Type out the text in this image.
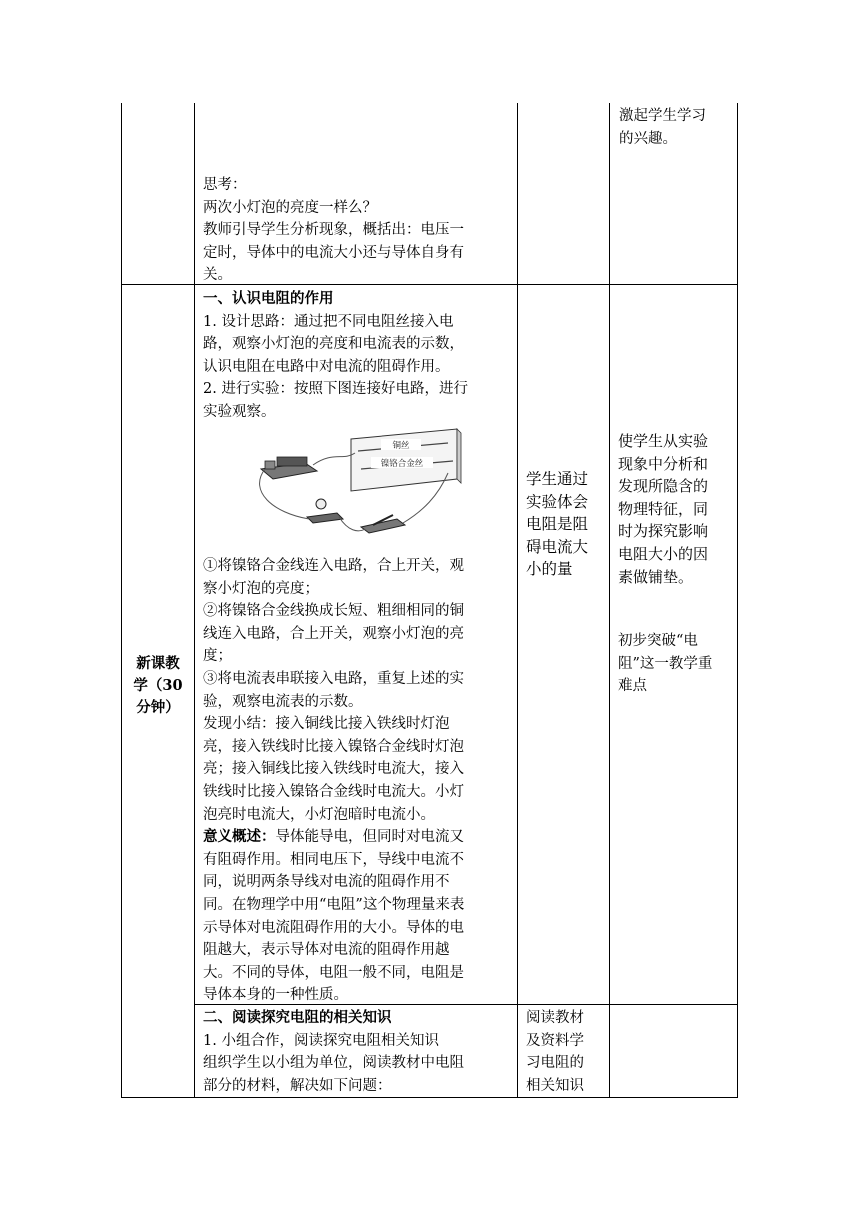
思考：

两次小灯泡的亮度一样么？

教师引导学生分析现象，概括出：电压一

定时，导体中的电流大小还与导体自身有

关。

激起学生学习

的兴趣。

新课教

学（30

分钟）

一、认识电阻的作用

1. 设计思路：通过把不同电阻丝接入电

路，观察小灯泡的亮度和电流表的示数，

认识电阻在电路中对电流的阻碍作用。

2. 进行实验：按照下图连接好电路，进行

实验观察。

铜丝
镍铬合金丝

①将镍铬合金线连入电路，合上开关，观

察小灯泡的亮度；

②将镍铬合金线换成长短、粗细相同的铜

线连入电路，合上开关，观察小灯泡的亮

度；

③将电流表串联接入电路，重复上述的实

验，观察电流表的示数。

发现小结：接入铜线比接入铁线时灯泡

亮，接入铁线时比接入镍铬合金线时灯泡

亮；接入铜线比接入铁线时电流大，接入

铁线时比接入镍铬合金线时电流大。小灯

泡亮时电流大，小灯泡暗时电流小。

意义概述：导体能导电，但同时对电流又

有阻碍作用。相同电压下，导线中电流不

同，说明两条导线对电流的阻碍作用不

同。在物理学中用“电阻”这个物理量来表

示导体对电流阻碍作用的大小。导体的电

阻越大，表示导体对电流的阻碍作用越

大。不同的导体，电阻一般不同，电阻是

导体本身的一种性质。

学生通过

实验体会

电阻是阻

碍电流大

小的量

使学生从实验

现象中分析和

发现所隐含的

物理特征，同

时为探究影响

电阻大小的因

素做铺垫。

初步突破“电

阻”这一教学重

难点

二、阅读探究电阻的相关知识

1. 小组合作，阅读探究电阻相关知识

组织学生以小组为单位，阅读教材中电阻

部分的材料，解决如下问题：

阅读教材

及资料学

习电阻的

相关知识
